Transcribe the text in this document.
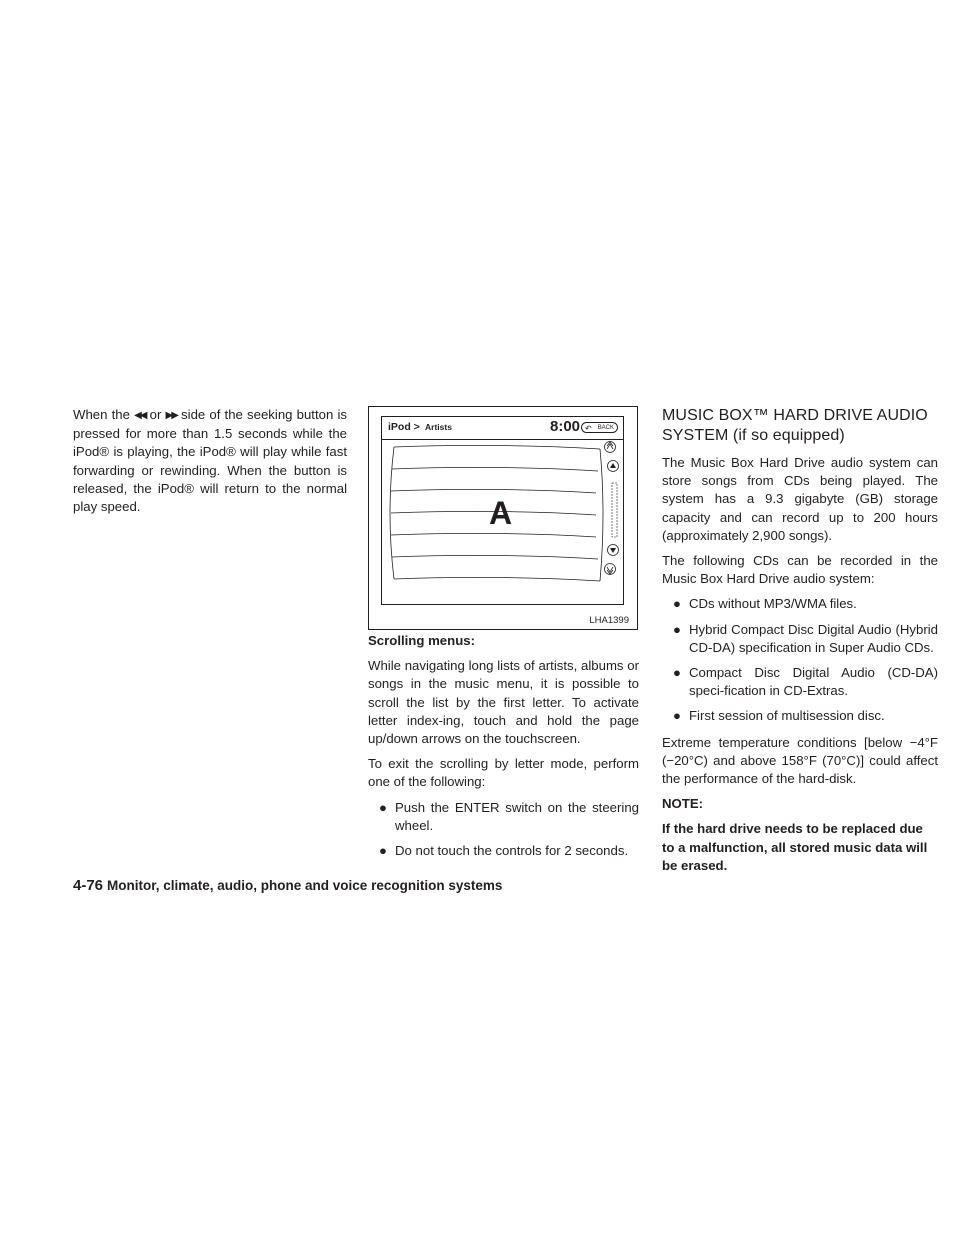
When the ◀◀ or ▶▶ side of the seeking button is pressed for more than 1.5 seconds while the iPod® is playing, the iPod® will play while fast forwarding or rewinding. When the button is released, the iPod® will return to the normal play speed.

iPod > Artists	8:00 ↶ BACK
A
LHA1399

Scrolling menus:

While navigating long lists of artists, albums or songs in the music menu, it is possible to scroll the list by the first letter. To activate letter index-ing, touch and hold the page up/down arrows on the touchscreen.

To exit the scrolling by letter mode, perform one of the following:

● Push the ENTER switch on the steering wheel.
● Do not touch the controls for 2 seconds.
MUSIC BOX™ HARD DRIVE AUDIO
SYSTEM (if so equipped)

The Music Box Hard Drive audio system can store songs from CDs being played. The system has a 9.3 gigabyte (GB) storage capacity and can record up to 200 hours (approximately 2,900 songs).

The following CDs can be recorded in the Music Box Hard Drive audio system:

● CDs without MP3/WMA files.
● Hybrid Compact Disc Digital Audio (Hybrid CD-DA) specification in Super Audio CDs.
● Compact Disc Digital Audio (CD-DA) speci-fication in CD-Extras.
● First session of multisession disc.

Extreme temperature conditions [below −4°F (−20°C) and above 158°F (70°C)] could affect the performance of the hard-disk.

NOTE:

If the hard drive needs to be replaced due to a malfunction, all stored music data will be erased.

4-76 Monitor, climate, audio, phone and voice recognition systems
